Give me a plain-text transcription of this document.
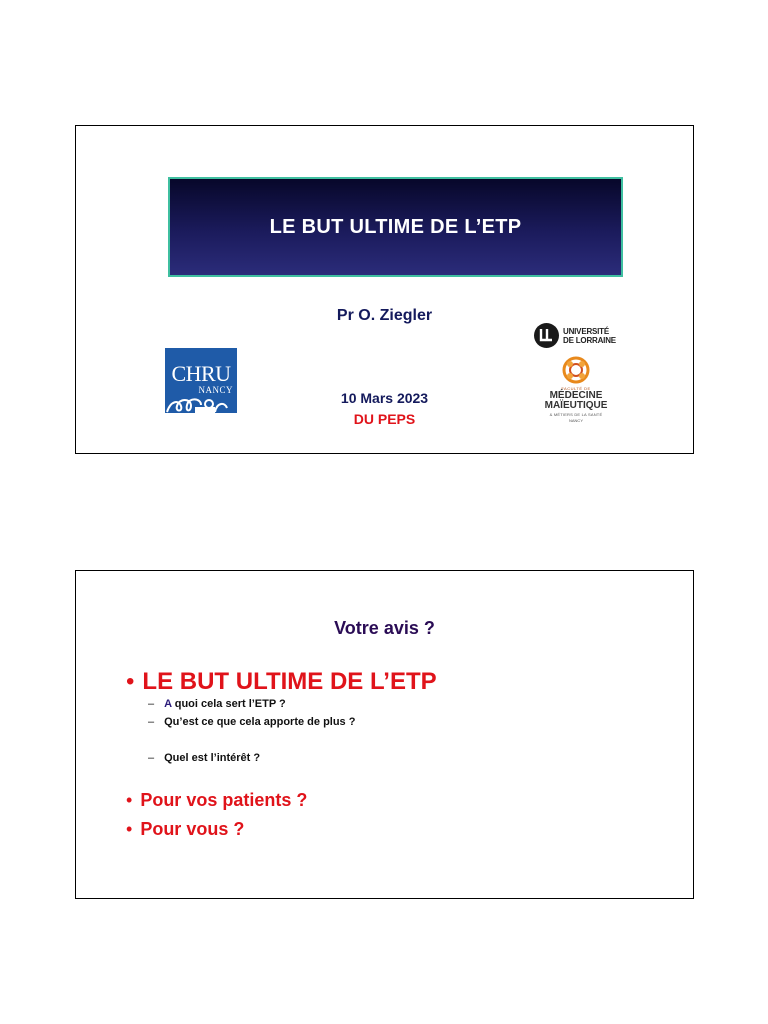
LE BUT ULTIME DE L’ETP
Pr O. Ziegler
CHRU
NANCY	10 Mars 2023
DU PEPS
UNIVERSITÉ
DE LORRAINE
FACULTÉ DE
MÉDECINE
MAÏEUTIQUE
& MÉTIERS DE LA SANTÉ
NANCY
Votre avis ?
• LE BUT ULTIME DE L’ETP
– A quoi cela sert l’ETP ?
– Qu’est ce que cela apporte de plus ?
– Quel est l’intérêt ?
• Pour vos patients ?
• Pour vous ?
